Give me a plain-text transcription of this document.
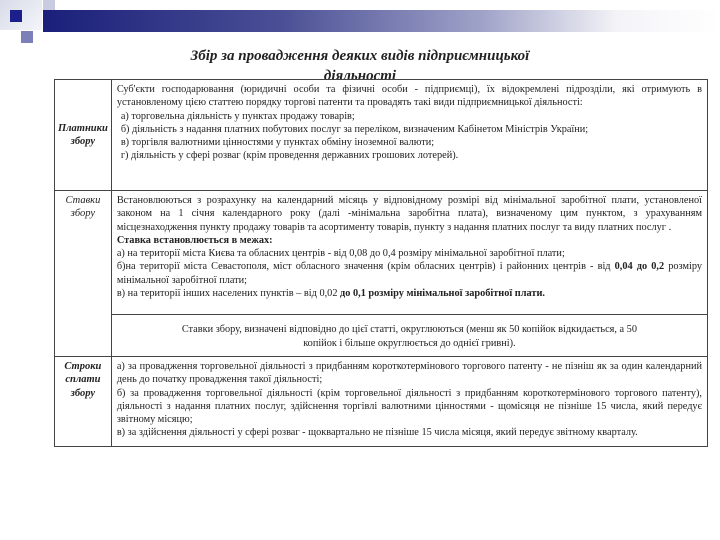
Збір за провадження деяких видів підприємницької
діяльності
Платники збору	Суб'єкти господарювання (юридичні особи та фізичні особи - підприємці), їх відокремлені підрозділи, які отримують в установленому цією статтею порядку торгові патенти та провадять такі види підприємницької діяльності:
а) торговельна діяльність у пунктах продажу товарів;
б) діяльність з надання платних побутових послуг за переліком, визначеним Кабінетом Міністрів України;
в) торгівля валютними цінностями у пунктах обміну іноземної валюти;
г) діяльність у сфері розваг (крім проведення державних грошових лотерей).

Ставки збору	Встановлюються з розрахунку на календарний місяць у відповідному розмірі від мінімальної заробітної плати, установленої законом на 1 січня календарного року (далі -мінімальна заробітна плата), визначеному цим пунктом, з урахуванням місцезнаходження пункту продажу товарів та асортименту товарів, пункту з надання платних послуг та виду платних послуг .
Ставка встановлюється в межах:
а) на території міста Києва та обласних центрів - від 0,08 до 0,4 розміру мінімальної заробітної плати;
б)на території міста Севастополя, міст обласного значення (крім обласних центрів) і районних центрів - від 0,04 до 0,2 розміру мінімальної заробітної плати;
в) на території інших населених пунктів – від 0,02 до 0,1 розміру мінімальної заробітної плати.

	Ставки збору, визначені відповідно до цієї статті, округлюються (менш як 50 копійок відкидається, а 50 копійок і більше округлюється до однієї гривні).
Строки сплати збору	а) за провадження торговельної діяльності з придбанням короткотермінового торгового патенту - не пізніш як за один календарний день до початку провадження такої діяльності;
б) за провадження торговельної діяльності (крім торговельної діяльності з придбанням короткотермінового торгового патенту), діяльності з надання платних послуг, здійснення торгівлі валютними цінностями - щомісяця не пізніше 15 числа, який передує звітному місяцю;
в) за здійснення діяльності у сфері розваг - щоквартально не пізніше 15 числа місяця, який передує звітному кварталу.
